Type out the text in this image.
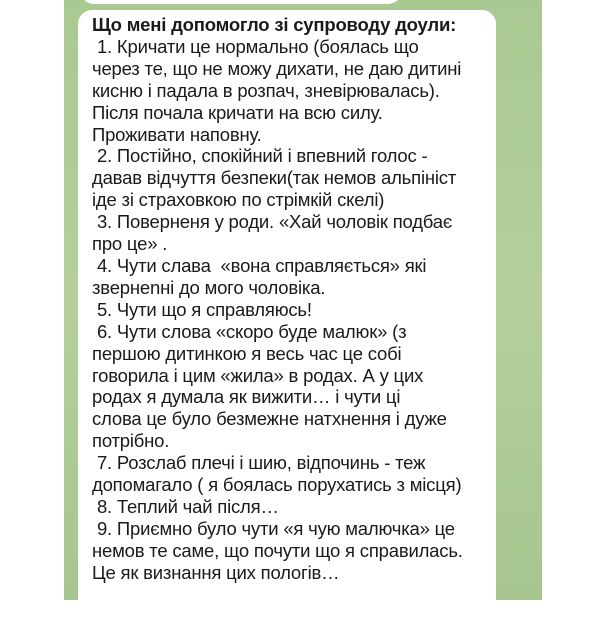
Що мені допомогло зі супроводу доули:
1. Кричати це нормально (боялась що
через те, що не можу дихати, не даю дитині
кисню і падала в розпач, зневірювалась).
Після почала кричати на всю силу.
Проживати наповну.
2. Постійно, спокійний і впевний голос -
давав відчуття безпеки(так немов альпініст
іде зі страховкою по стрімкій скелі)
3. Поверненя у роди. «Хай чоловік подбає
про це» .
4. Чути слава  «вона справляється» які
звернenні до мого чоловіка.
5. Чути що я справляюсь!
6. Чути слова «скоро буде малюк» (з
першою дитинкою я весь час це собі
говорила і цим «жила» в родах. А у цих
родах я думала як вижити… і чути ці
слова це було безмежне натхнення і дуже
потрібно.
7. Розслаб плечі і шию, відпочинь - теж
допомагало ( я боялась порухатись з місця)
8. Теплий чай після…
9. Приємно було чути «я чую малючка» це
немов те саме, що почути що я справилась.
Це як визнання цих пологів…
